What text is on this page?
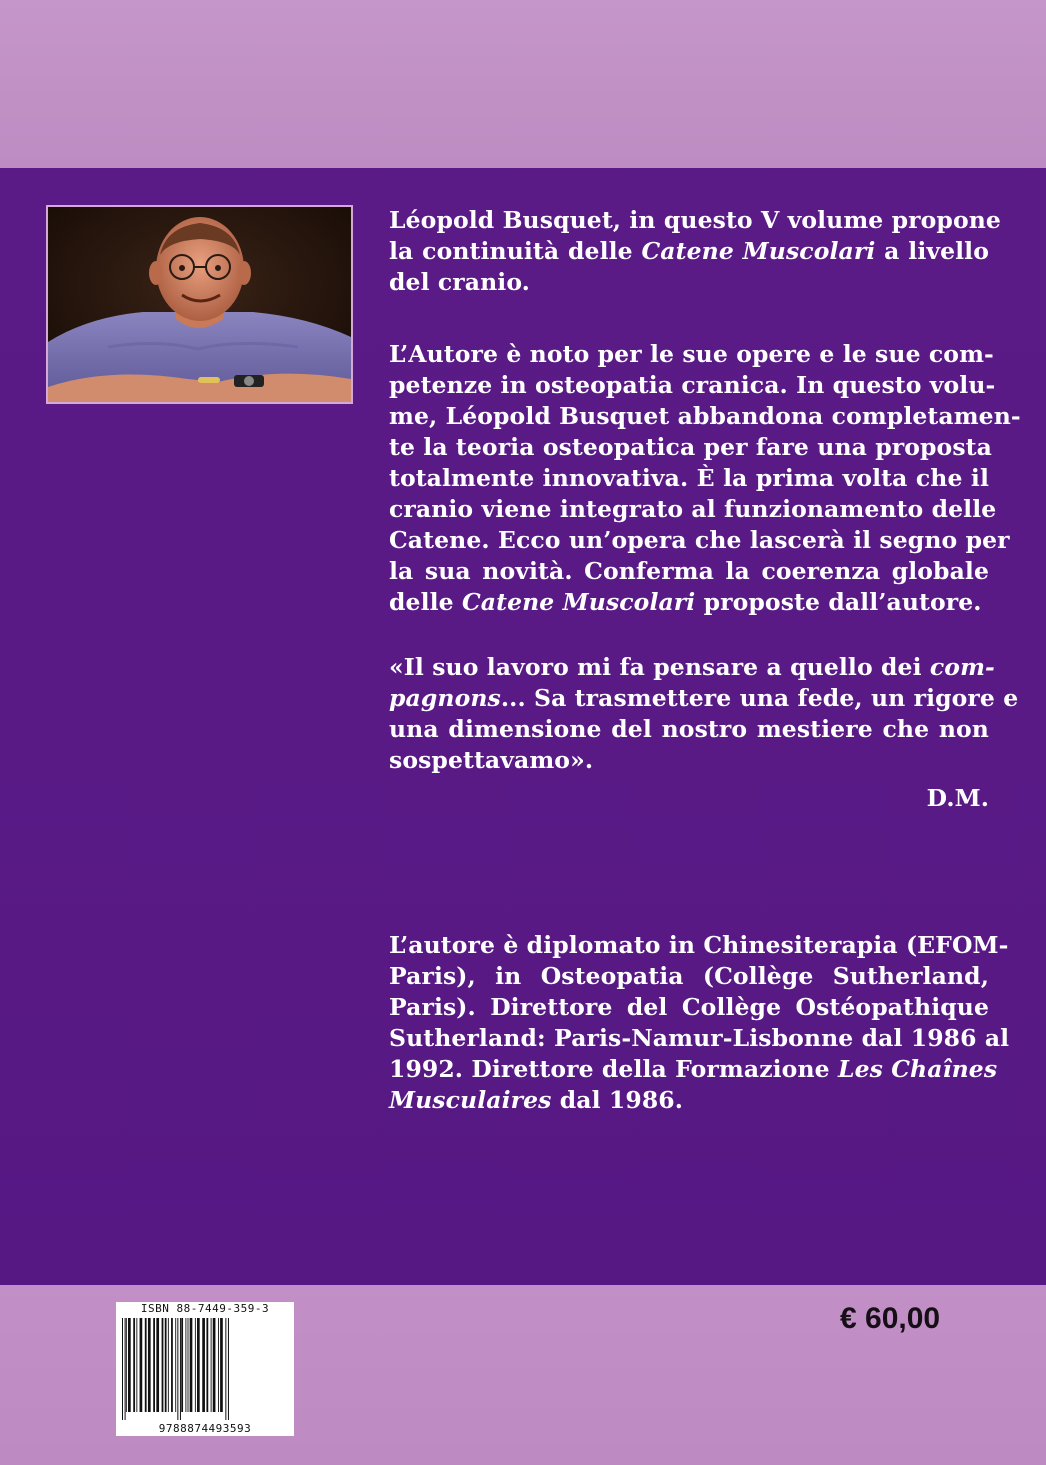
Léopold Busquet, in questo V volume propone
la continuità delle Catene Muscolari a livello
del cranio.
L’Autore è noto per le sue opere e le sue com-
petenze in osteopatia cranica. In questo volu-
me, Léopold Busquet abbandona completamen-
te la teoria osteopatica per fare una proposta
totalmente innovativa. È la prima volta che il
cranio viene integrato al funzionamento delle
Catene. Ecco un’opera che lascerà il segno per
la sua novità. Conferma la coerenza globale
delle Catene Muscolari proposte dall’autore.
«Il suo lavoro mi fa pensare a quello dei com-
pagnons... Sa trasmettere una fede, un rigore e
una dimensione del nostro mestiere che non
sospettavamo».
D.M.
L’autore è diplomato in Chinesiterapia (EFOM-
Paris), in Osteopatia (Collège Sutherland,
Paris). Direttore del Collège Ostéopathique
Sutherland: Paris-Namur-Lisbonne dal 1986 al
1992. Direttore della Formazione Les Chaînes
Musculaires dal 1986.
ISBN 88-7449-359-3
9788874493593
€ 60,00
